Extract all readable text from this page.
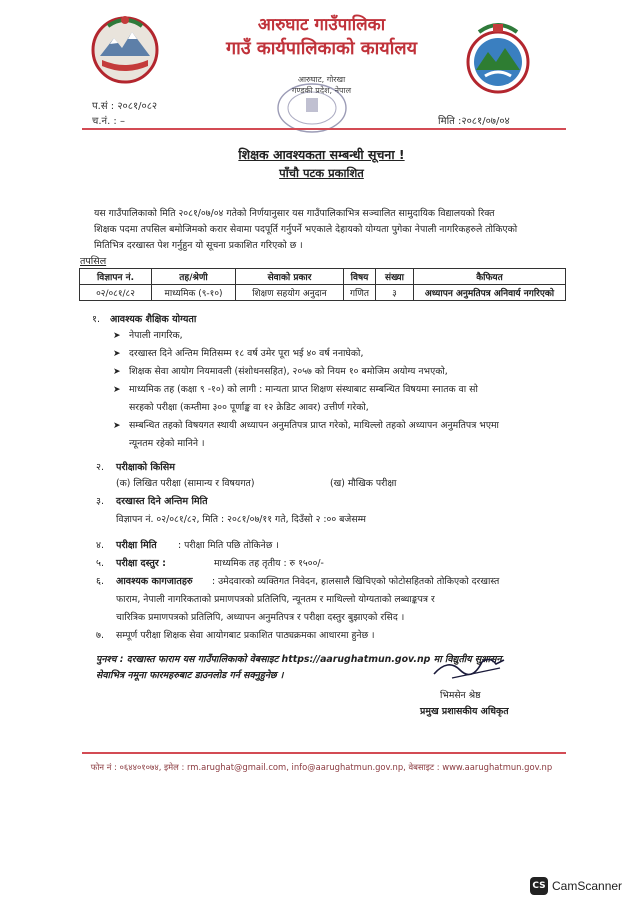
आरुघाट गाउँपालिका
गाउँ कार्यपालिकाको कार्यालय
आरुघाट, गोरखा
गण्डकी प्रदेश, नेपाल
प.सं : २०८१/०८२
च.नं. : –	मिति :२०८१/०७/०४
शिक्षक आवश्यकता सम्बन्धी सूचना !
पाँचौ पटक प्रकाशित
यस गाउँपालिकाको मिति २०८१/०७/०४ गतेको निर्णयानुसार यस गाउँपालिकाभित्र सञ्चालित सामुदायिक विद्यालयको रिक्त
शिक्षक पदमा तपसिल बमोजिमको करार सेवामा पदपूर्ति गर्नुपर्ने भएकाले देहायको योग्यता पुगेका नेपाली नागरिकहरुले तोकिएको
मितिभित्र दरखास्त पेश गर्नुहुन यो सूचना प्रकाशित गरिएको छ ।
तपसिल
विज्ञापन नं.	तह/श्रेणी	सेवाको प्रकार	विषय	संख्या	कैफियत
०२/०८१/८२	माध्यमिक (९-१०)	शिक्षण सहयोग अनुदान	गणित	३	अध्यापन अनुमतिपत्र अनिवार्य नगरिएको
१. आवश्यक शैक्षिक योग्यता
➤ नेपाली नागरिक,
➤ दरखास्त दिने अन्तिम मितिसम्म १८ वर्ष उमेर पूरा भई ४० वर्ष ननाघेको,
➤ शिक्षक सेवा आयोग नियमावली (संशोधनसहित), २०५७ को नियम १० बमोजिम अयोग्य नभएको,
➤ माध्यमिक तह (कक्षा ९ -१०) को लागी : मान्यता प्राप्त शिक्षण संस्थाबाट सम्बन्धित विषयमा स्नातक वा सो
सरहको परीक्षा (कम्तीमा ३०० पूर्णाङ्क वा १२ क्रेडिट आवर) उत्तीर्ण गरेको,
➤ सम्बन्धित तहको विषयगत स्थायी अध्यापन अनुमतिपत्र प्राप्त गरेको, माथिल्लो तहको अध्यापन अनुमतिपत्र भएमा
न्यूनतम रहेको मानिने ।
२. परीक्षाको किसिम
(क) लिखित परीक्षा (सामान्य र विषयगत)	(ख) मौखिक परीक्षा
३. दरखास्त दिने अन्तिम मिति
विज्ञापन नं. ०२/०८१/८२, मिति : २०८१/०७/११ गते, दिउँसो २ :०० बजेसम्म
४. परीक्षा मिति : परीक्षा मिति पछि तोकिनेछ ।
५. परीक्षा दस्तुर :	माध्यमिक तह तृतीय : रु १५००/-
६. आवश्यक कागजातहरु : उमेदवारको व्यक्तिगत निवेदन, हालसालै खिचिएको फोटोसहितको तोकिएको दरखास्त
फाराम, नेपाली नागरिकताको प्रमाणपत्रको प्रतिलिपि, न्यूनतम र माथिल्लो योग्यताको लब्धाङ्कपत्र र
चारित्रिक प्रमाणपत्रको प्रतिलिपि, अध्यापन अनुमतिपत्र र परीक्षा दस्तुर बुझाएको रसिद ।
७. सम्पूर्ण परीक्षा शिक्षक सेवा आयोगबाट प्रकाशित पाठ्यक्रमका आधारमा हुनेछ ।
पुनश्च : दरखास्त फाराम यस गाउँपालिकाको वेबसाइट https://aarughatmun.gov.np मा विद्युतीय सुशासन
सेवाभित्र नमूना फारमहरुबाट डाउनलोड गर्न सक्नुहुनेछ ।
भिमसेन श्रेष्ठ
प्रमुख प्रशासकीय अधिकृत
फोन नं : ०६४४०१०७४, इमेल : rm.arughat@gmail.com, info@aarughatmun.gov.np, वेबसाइट : www.aarughatmun.gov.np
CS CamScanner
